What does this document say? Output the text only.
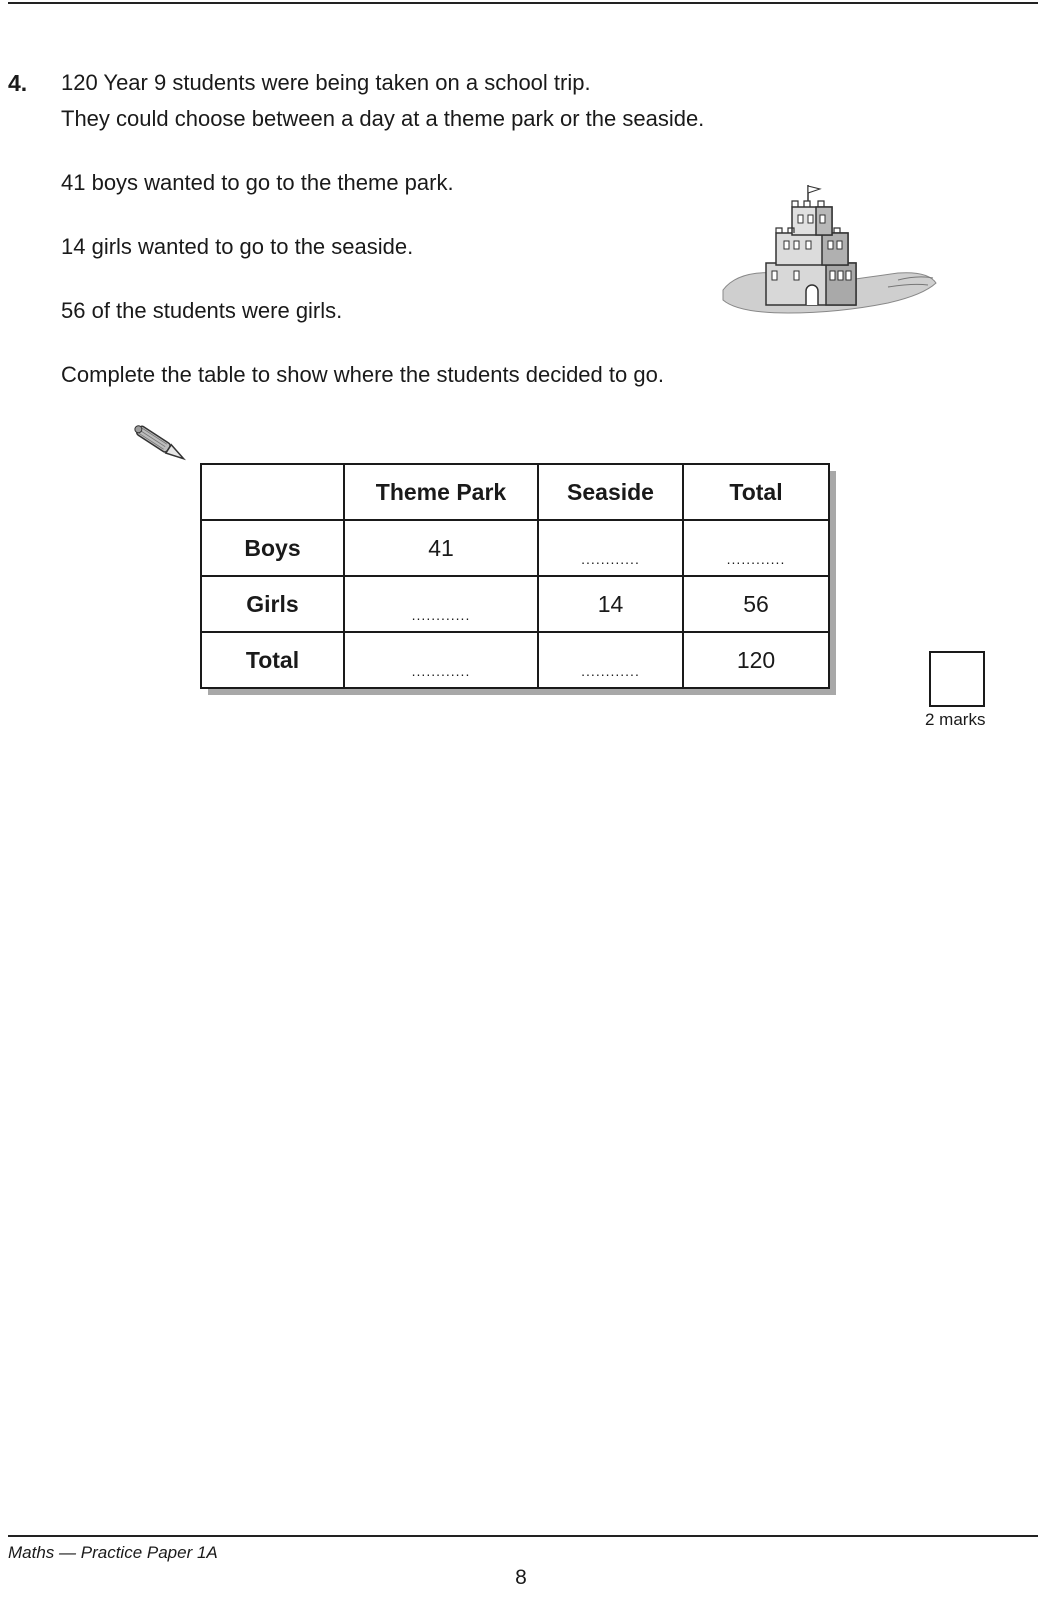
4. 120 Year 9 students were being taken on a school trip.
They could choose between a day at a theme park or the seaside.
41 boys wanted to go to the theme park.
14 girls wanted to go to the seaside.
56 of the students were girls.
Complete the table to show where the students decided to go.
	Theme Park	Seaside	Total
Boys	41	............	............
Girls	............	14	56
Total	............	............	120
2 marks
Maths — Practice Paper 1A
8
